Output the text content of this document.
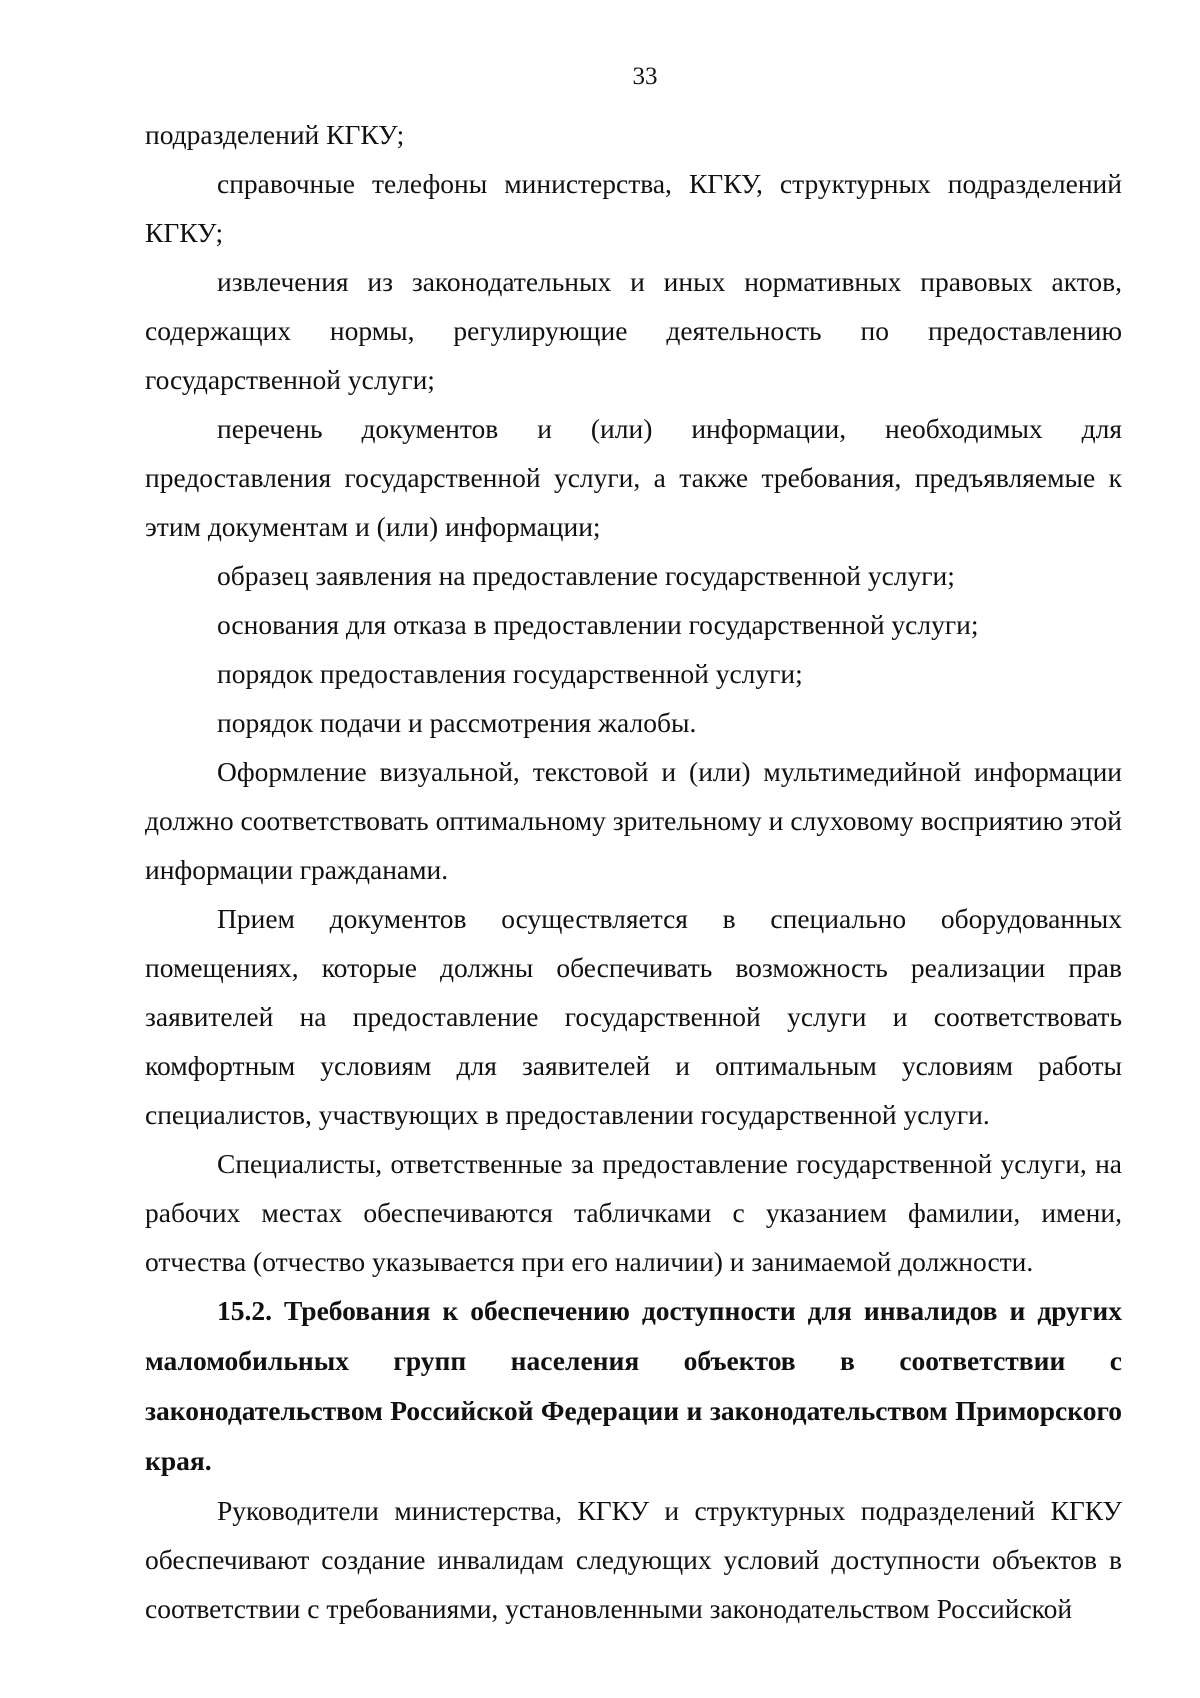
33

подразделений КГКУ;

справочные телефоны министерства, КГКУ, структурных подразделений КГКУ;

извлечения из законодательных и иных нормативных правовых актов, содержащих нормы, регулирующие деятельность по предоставлению государственной услуги;

перечень документов и (или) информации, необходимых для предоставления государственной услуги, а также требования, предъявляемые к этим документам и (или) информации;

образец заявления на предоставление государственной услуги;

основания для отказа в предоставлении государственной услуги;

порядок предоставления государственной услуги;

порядок подачи и рассмотрения жалобы.

Оформление визуальной, текстовой и (или) мультимедийной информации должно соответствовать оптимальному зрительному и слуховому восприятию этой информации гражданами.

Прием документов осуществляется в специально оборудованных помещениях, которые должны обеспечивать возможность реализации прав заявителей на предоставление государственной услуги и соответствовать комфортным условиям для заявителей и оптимальным условиям работы специалистов, участвующих в предоставлении государственной услуги.

Специалисты, ответственные за предоставление государственной услуги, на рабочих местах обеспечиваются табличками с указанием фамилии, имени, отчества (отчество указывается при его наличии) и занимаемой должности.

15.2. Требования к обеспечению доступности для инвалидов и других маломобильных групп населения объектов в соответствии с законодательством Российской Федерации и законодательством Приморского края.

Руководители министерства, КГКУ и структурных подразделений КГКУ обеспечивают создание инвалидам следующих условий доступности объектов в соответствии с требованиями, установленными законодательством Российской
